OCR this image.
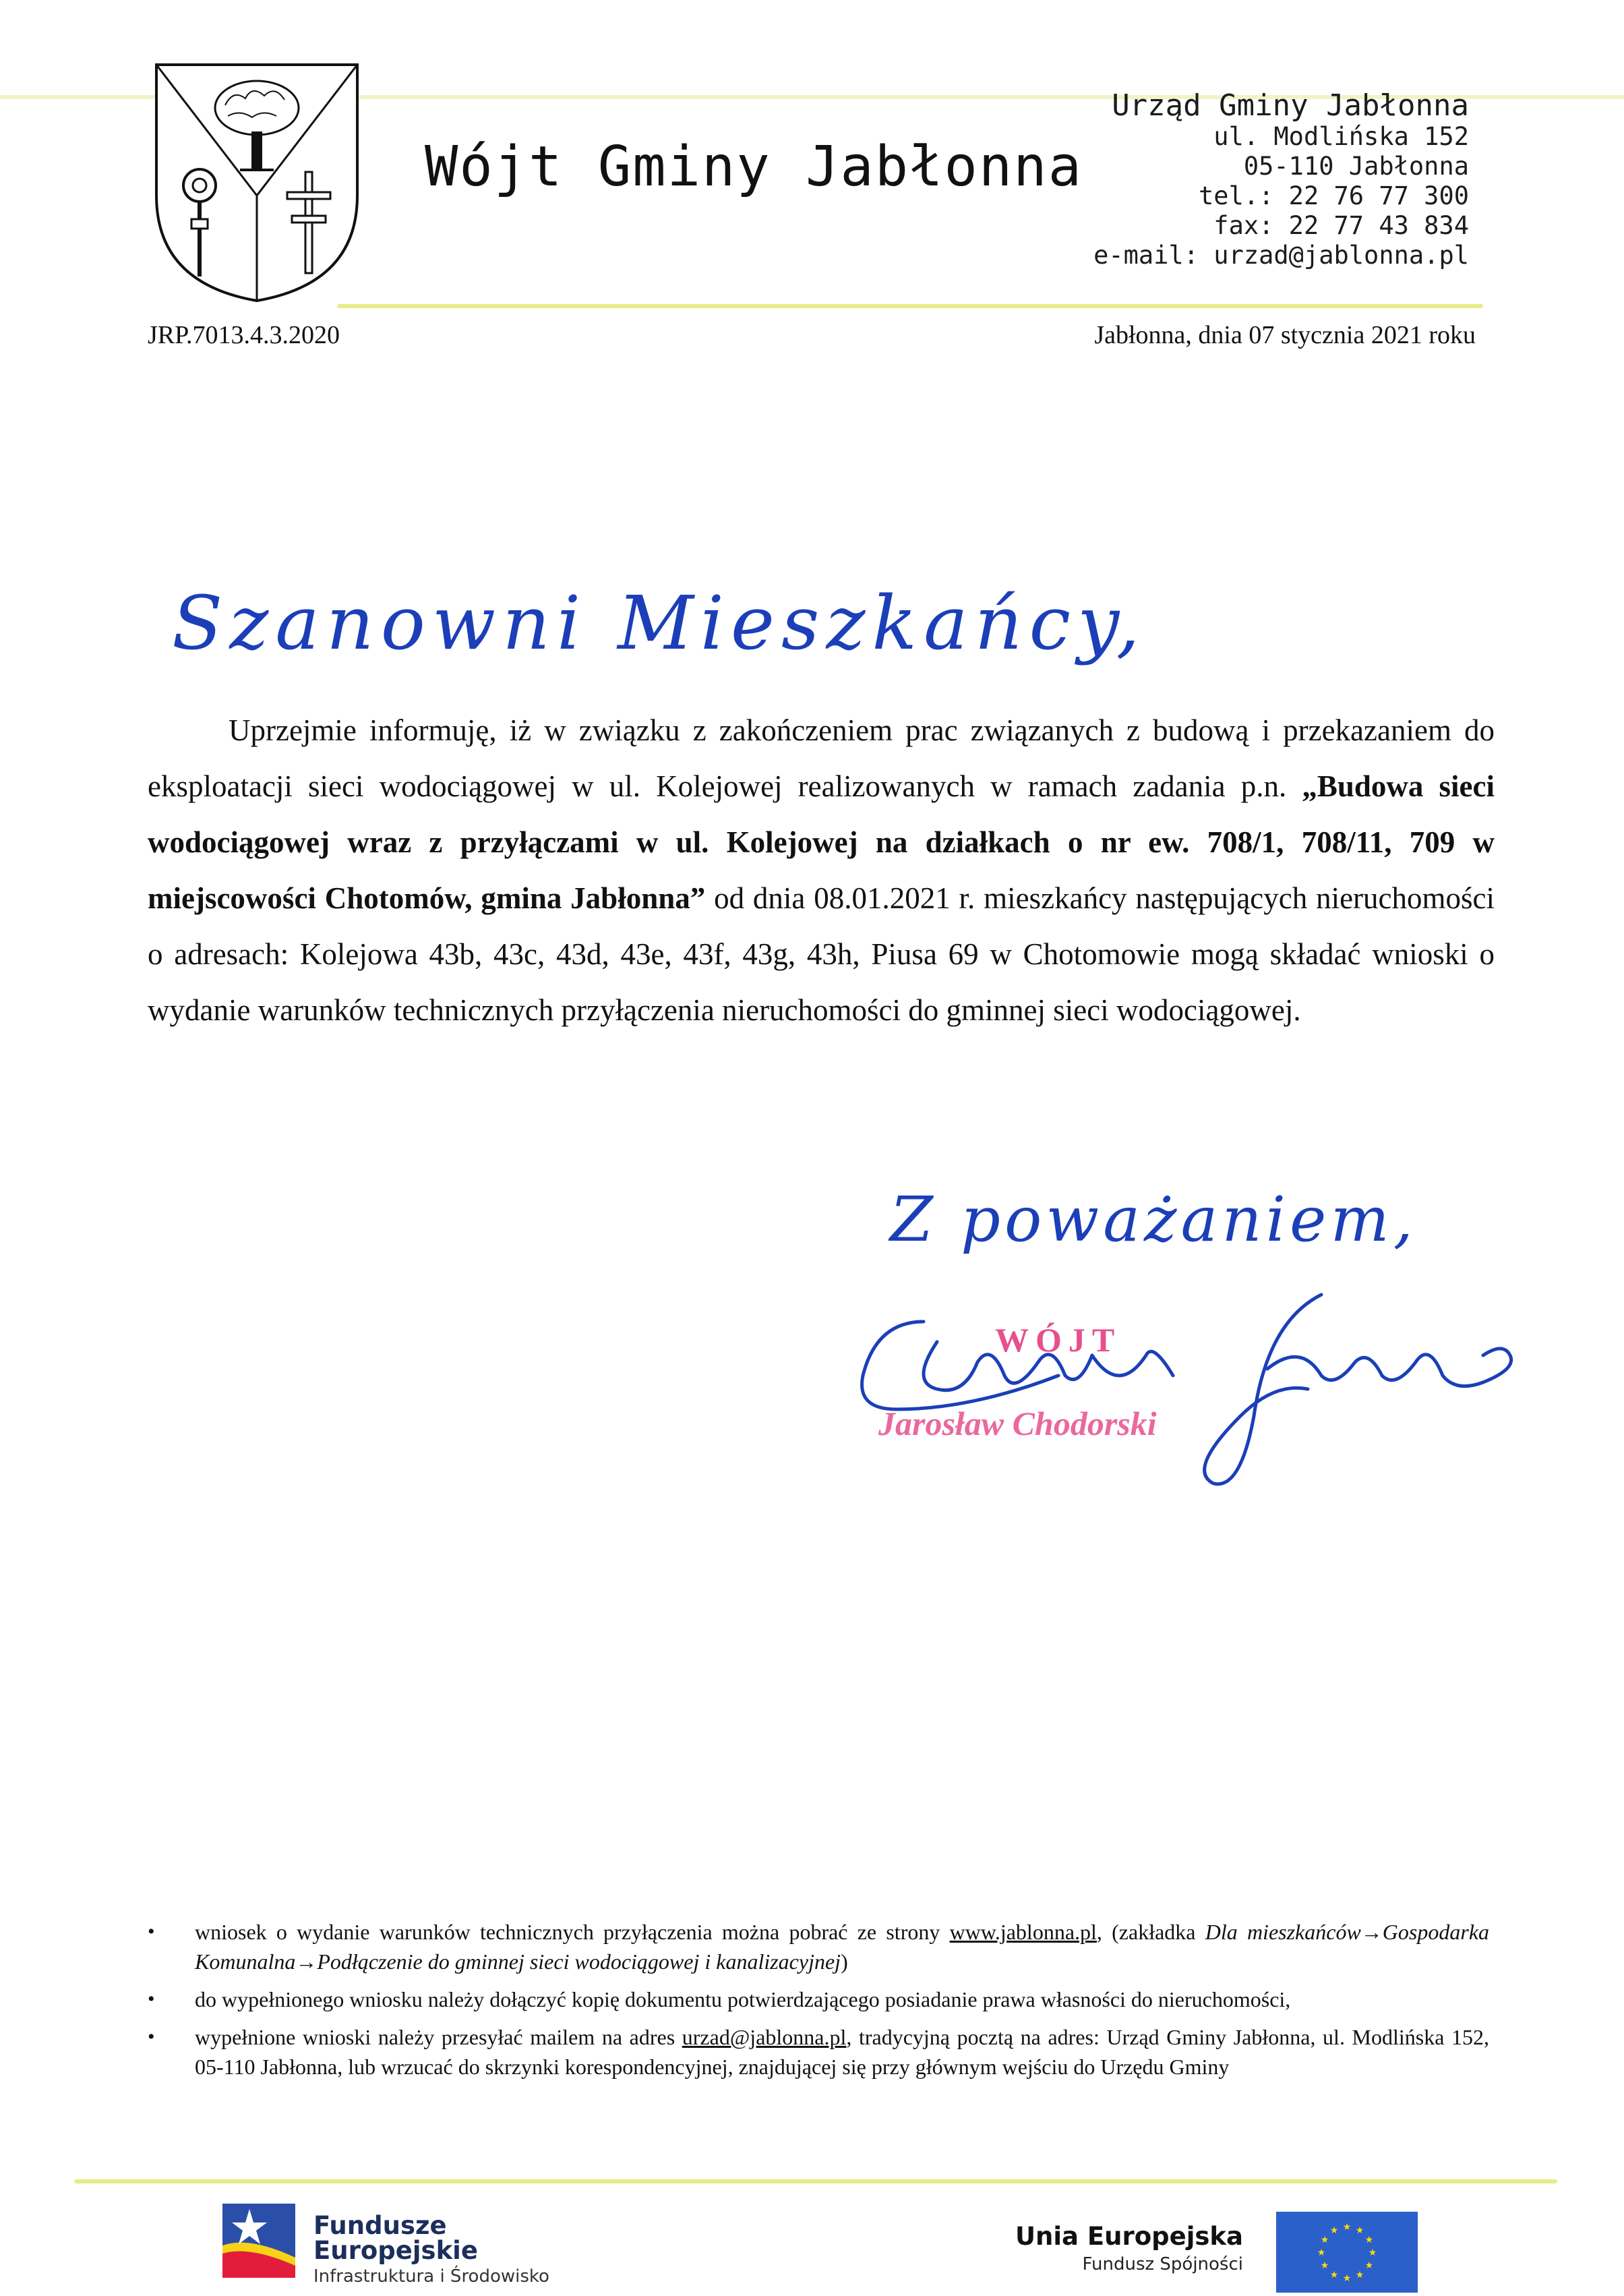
Wójt Gminy Jabłonna
Urząd Gminy Jabłonna
ul. Modlińska 152
05-110 Jabłonna
tel.: 22 76 77 300
fax: 22 77 43 834
e-mail: urzad@jablonna.pl
JRP.7013.4.3.2020	Jabłonna, dnia 07 stycznia 2021 roku
Szanowni Mieszkańcy,
Uprzejmie informuję, iż w związku z zakończeniem prac związanych z budową i przekazaniem do eksploatacji sieci wodociągowej w ul. Kolejowej realizowanych w ramach zadania p.n. „Budowa sieci wodociągowej wraz z przyłączami w ul. Kolejowej na działkach o nr ew. 708/1, 708/11, 709 w miejscowości Chotomów, gmina Jabłonna” od dnia 08.01.2021 r. mieszkańcy następujących nieruchomości o adresach: Kolejowa 43b, 43c, 43d, 43e, 43f, 43g, 43h, Piusa 69 w Chotomowie mogą składać wnioski o wydanie warunków technicznych przyłączenia nieruchomości do gminnej sieci wodociągowej.
Z poważaniem,
WÓJT
Jarosław Chodorski
• wniosek o wydanie warunków technicznych przyłączenia można pobrać ze strony www.jablonna.pl, (zakładka Dla mieszkańców→Gospodarka Komunalna→Podłączenie do gminnej sieci wodociągowej i kanalizacyjnej)
• do wypełnionego wniosku należy dołączyć kopię dokumentu potwierdzającego posiadanie prawa własności do nieruchomości,
• wypełnione wnioski należy przesyłać mailem na adres urzad@jablonna.pl, tradycyjną pocztą na adres: Urząd Gminy Jabłonna, ul. Modlińska 152, 05-110 Jabłonna, lub wrzucać do skrzynki korespondencyjnej, znajdującej się przy głównym wejściu do Urzędu Gminy
Fundusze
Europejskie
Infrastruktura i Środowisko
Unia Europejska
Fundusz Spójności
★
★
★
★
★
★
★
★
★ ★ ★
★
